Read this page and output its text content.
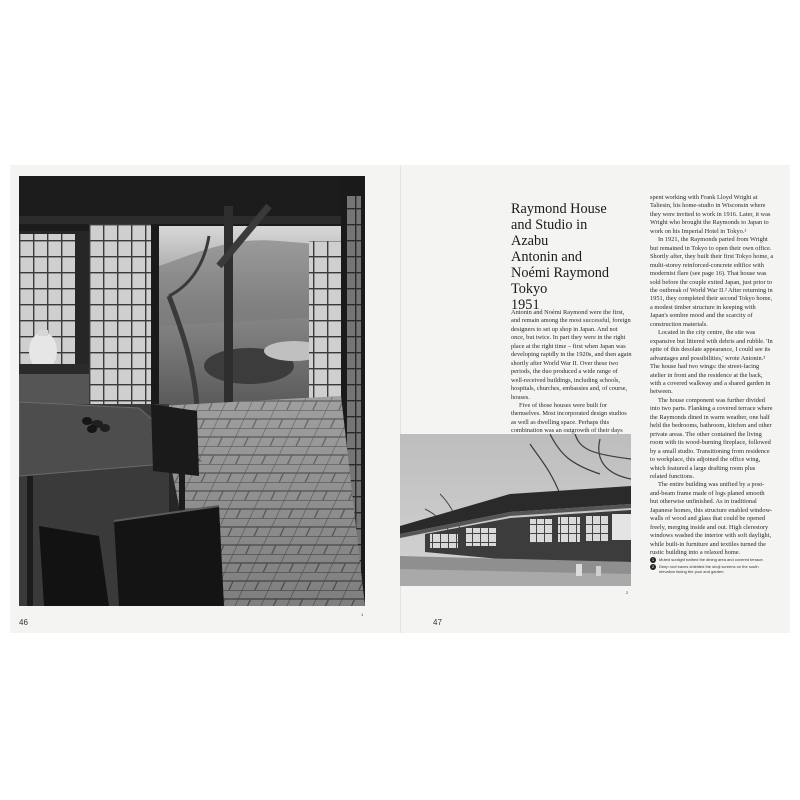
1
46
Raymond House
and Studio in Azabu
Antonin and
Noémi Raymond
Tokyo
1951

Antonin and Noémi Raymond were the first, and remain among the most successful, foreign designers to set up shop in Japan. And not once, but twice. In part they were in the right place at the right time – first when Japan was developing rapidly in the 1920s, and then again shortly after World War II. Over these two periods, the duo produced a wide range of well-received buildings, including schools, hospitals, churches, embassies and, of course, houses.

Five of those houses were built for themselves. Most incorporated design studios as well as dwelling space. Perhaps this combination was an outgrowth of their days

spent working with Frank Lloyd Wright at Taliesin, his home-studio in Wisconsin where they were invited to work in 1916. Later, it was Wright who brought the Raymonds to Japan to work on his Imperial Hotel in Tokyo.¹

In 1921, the Raymonds parted from Wright but remained in Tokyo to open their own office. Shortly after, they built their first Tokyo home, a multi-storey reinforced-concrete edifice with modernist flare (see page 16). That house was sold before the couple exited Japan, just prior to the outbreak of World War II.² After returning in 1951, they completed their second Tokyo home, a modest timber structure in keeping with Japan's sombre mood and the scarcity of construction materials.

Located in the city centre, the site was expansive but littered with debris and rubble. 'In spite of this desolate appearance, I could see its advantages and possibilities,' wrote Antonin.³ The house had two wings: the street-facing atelier in front and the residence at the back, with a covered walkway and a shared garden in between.

The house component was further divided into two parts. Flanking a covered terrace where the Raymonds dined in warm weather, one half held the bedrooms, bathroom, kitchen and other private areas. The other contained the living room with its wood-burning fireplace, followed by a small studio. Transitioning from residence to workplace, this adjoined the office wing, which featured a large drafting room plus related functions.

The entire building was unified by a post-and-beam frame made of logs planed smooth but otherwise unfinished. As in traditional Japanese homes, this structure enabled window-walls of wood and glass that could be opened freely, merging inside and out. High clerestory windows washed the interior with soft daylight, while built-in furniture and textiles turned the rustic building into a relaxed home.

2
1	Muted sunlight bathed the dining area and covered terrace.
2	Deep roof eaves shielded the shoji screens on the south elevation facing the pool and garden.
47
